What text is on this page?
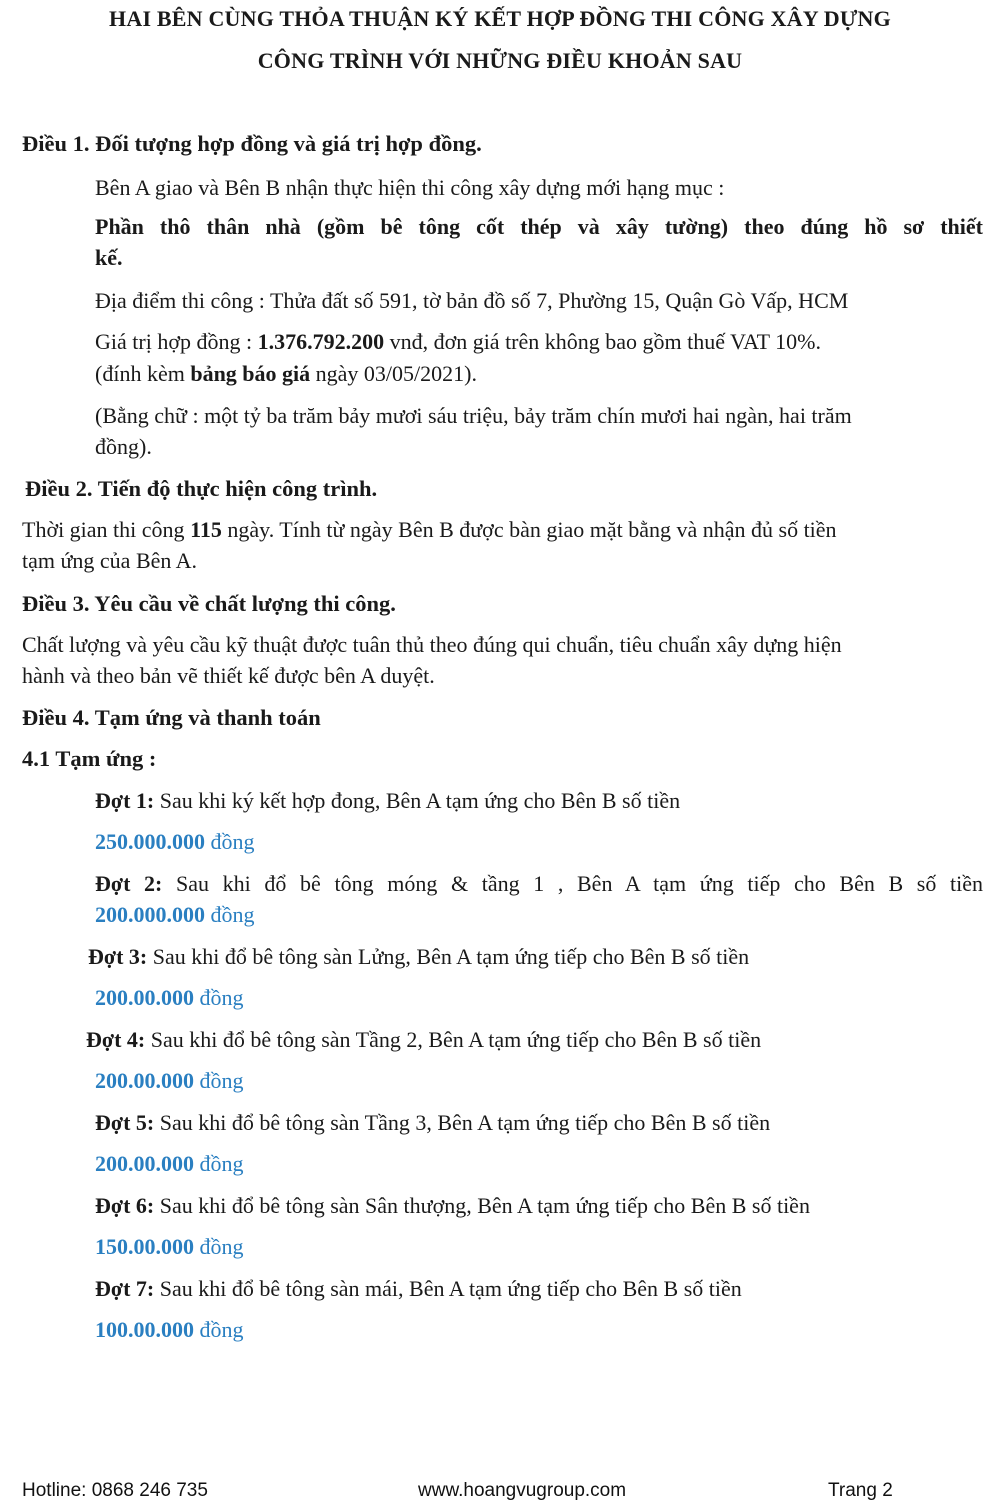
HAI BÊN CÙNG THỎA THUẬN KÝ KẾT HỢP ĐỒNG THI CÔNG XÂY DỰNG
CÔNG TRÌNH VỚI NHỮNG ĐIỀU KHOẢN SAU
Điều 1. Đối tượng hợp đồng và giá trị hợp đồng.
Bên A giao và Bên B nhận thực hiện thi công xây dựng mới hạng mục :
Phần thô thân nhà (gồm bê tông cốt thép và xây tường) theo đúng hồ sơ thiết
kế.
Địa điểm thi công : Thửa đất số 591, tờ bản đồ số 7, Phường 15, Quận Gò Vấp, HCM
Giá trị hợp đồng : 1.376.792.200 vnđ, đơn giá trên không bao gồm thuế VAT 10%.
(đính kèm bảng báo giá ngày 03/05/2021).
(Bằng chữ : một tỷ ba trăm bảy mươi sáu triệu, bảy trăm chín mươi hai ngàn, hai trăm
đồng).
Điều 2. Tiến độ thực hiện công trình.
Thời gian thi công 115 ngày. Tính từ ngày Bên B được bàn giao mặt bằng và nhận đủ số tiền
tạm ứng của Bên A.
Điều 3. Yêu cầu về chất lượng thi công.
Chất lượng và yêu cầu kỹ thuật được tuân thủ theo đúng qui chuẩn, tiêu chuẩn xây dựng hiện
hành và theo bản vẽ thiết kế được bên A duyệt.
Điều 4. Tạm ứng và thanh toán
4.1 Tạm ứng :
Đợt 1: Sau khi ký kết hợp đong, Bên A tạm ứng cho Bên B số tiền
250.000.000 đồng
Đợt 2: Sau khi đổ bê tông móng & tầng 1 , Bên A tạm ứng tiếp cho Bên B số tiền
200.000.000 đồng
Đợt 3: Sau khi đổ bê tông sàn Lửng, Bên A tạm ứng tiếp cho Bên B số tiền
200.00.000 đồng
Đợt 4: Sau khi đổ bê tông sàn Tầng 2, Bên A tạm ứng tiếp cho Bên B số tiền
200.00.000 đồng
Đợt 5: Sau khi đổ bê tông sàn Tầng 3, Bên A tạm ứng tiếp cho Bên B số tiền
200.00.000 đồng
Đợt 6: Sau khi đổ bê tông sàn Sân thượng, Bên A tạm ứng tiếp cho Bên B số tiền
150.00.000 đồng
Đợt 7: Sau khi đổ bê tông sàn mái, Bên A tạm ứng tiếp cho Bên B số tiền
100.00.000 đồng
Hotline: 0868 246 735	www.hoangvugroup.com	Trang 2
